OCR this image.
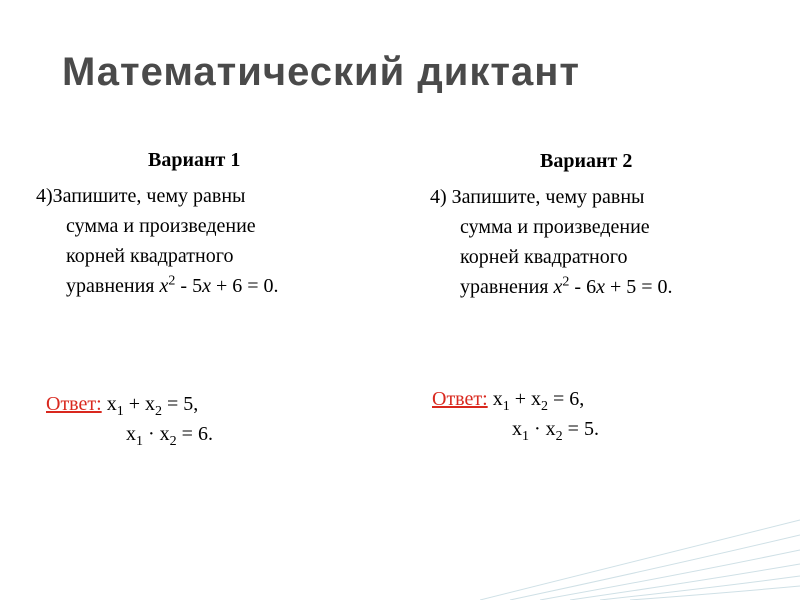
Математический диктант
Вариант 1
4)Запишите, чему равны
сумма и произведение
корней квадратного
уравнения $x^2 - 5x + 6 = 0$.
Ответ: $x_1 + x_2 = 5$,
$x_1 \cdot x_2 = 6$.
Вариант 2
4) Запишите, чему равны
сумма и произведение
корней квадратного
уравнения $x^2 - 6x + 5 = 0$.
Ответ: $x_1 + x_2 = 6$,
$x_1 \cdot x_2 = 5$.
